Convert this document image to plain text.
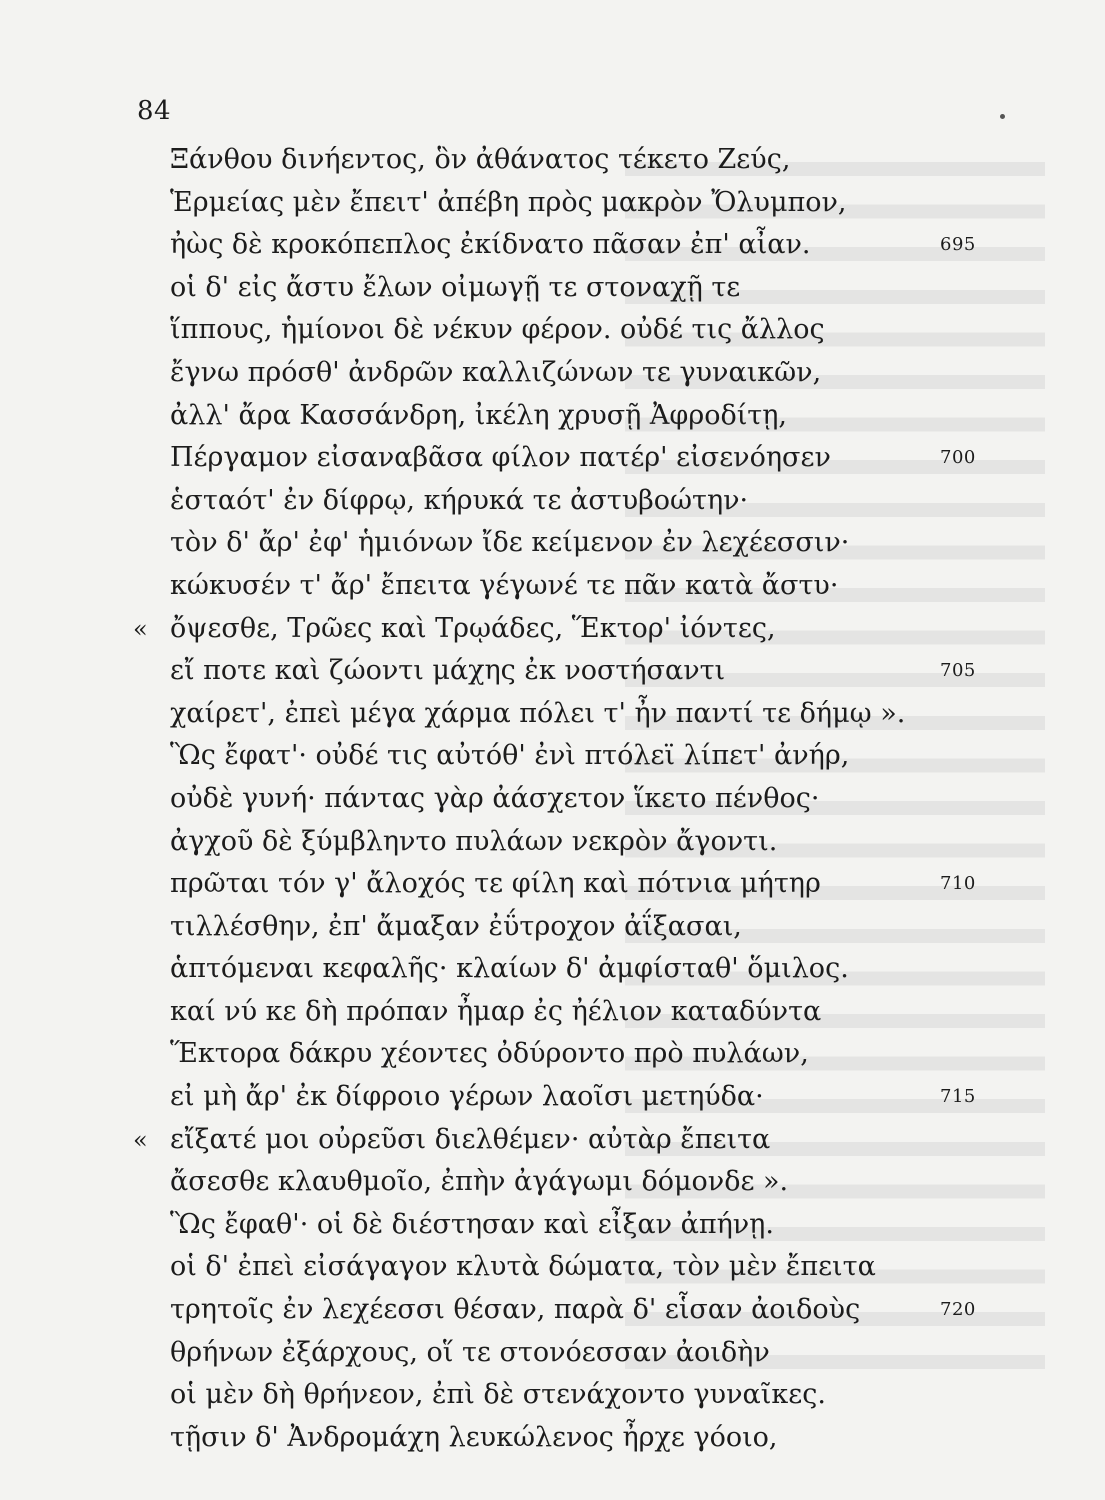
84
Ξάνθου δινήεντος, ὃν ἀθάνατος τέκετο Ζεύς,
Ἑρμείας μὲν ἔπειτ' ἀπέβη πρὸς μακρὸν Ὄλυμπον,
ἠὼς δὲ κροκόπεπλος ἐκίδνατο πᾶσαν ἐπ' αἶαν.	695
οἱ δ' εἰς ἄστυ ἔλων οἰμωγῇ τε στοναχῇ τε
ἵππους, ἡμίονοι δὲ νέκυν φέρον. οὐδέ τις ἄλλος
ἔγνω πρόσθ' ἀνδρῶν καλλιζώνων τε γυναικῶν,
ἀλλ' ἄρα Κασσάνδρη, ἰκέλη χρυσῇ Ἀφροδίτῃ,
Πέργαμον εἰσαναβᾶσα φίλον πατέρ' εἰσενόησεν	700
ἑσταότ' ἐν δίφρῳ, κήρυκά τε ἀστυβοώτην·
τὸν δ' ἄρ' ἐφ' ἡμιόνων ἴδε κείμενον ἐν λεχέεσσιν·
κώκυσέν τ' ἄρ' ἔπειτα γέγωνέ τε πᾶν κατὰ ἄστυ·
« ὄψεσθε, Τρῶες καὶ Τρῳάδες, Ἕκτορ' ἰόντες,
εἴ ποτε καὶ ζώοντι μάχης ἐκ νοστήσαντι	705
χαίρετ', ἐπεὶ μέγα χάρμα πόλει τ' ἦν παντί τε δήμῳ ».
Ὣς ἔφατ'· οὐδέ τις αὐτόθ' ἐνὶ πτόλεϊ λίπετ' ἀνήρ,
οὐδὲ γυνή· πάντας γὰρ ἀάσχετον ἵκετο πένθος·
ἀγχοῦ δὲ ξύμβληντο πυλάων νεκρὸν ἄγοντι.
πρῶται τόν γ' ἄλοχός τε φίλη καὶ πότνια μήτηρ	710
τιλλέσθην, ἐπ' ἄμαξαν ἐΰτροχον ἀΐξασαι,
ἁπτόμεναι κεφαλῆς· κλαίων δ' ἀμφίσταθ' ὅμιλος.
καί νύ κε δὴ πρόπαν ἦμαρ ἐς ἠέλιον καταδύντα
Ἕκτορα δάκρυ χέοντες ὀδύροντο πρὸ πυλάων,
εἰ μὴ ἄρ' ἐκ δίφροιο γέρων λαοῖσι μετηύδα·	715
« εἴξατέ μοι οὐρεῦσι διελθέμεν· αὐτὰρ ἔπειτα
ἄσεσθε κλαυθμοῖο, ἐπὴν ἀγάγωμι δόμονδε ».
Ὣς ἔφαθ'· οἱ δὲ διέστησαν καὶ εἶξαν ἀπήνῃ.
οἱ δ' ἐπεὶ εἰσάγαγον κλυτὰ δώματα, τὸν μὲν ἔπειτα
τρητοῖς ἐν λεχέεσσι θέσαν, παρὰ δ' εἷσαν ἀοιδοὺς	720
θρήνων ἐξάρχους, οἵ τε στονόεσσαν ἀοιδὴν
οἱ μὲν δὴ θρήνεον, ἐπὶ δὲ στενάχοντο γυναῖκες.
τῇσιν δ' Ἀνδρομάχη λευκώλενος ἦρχε γόοιο,
